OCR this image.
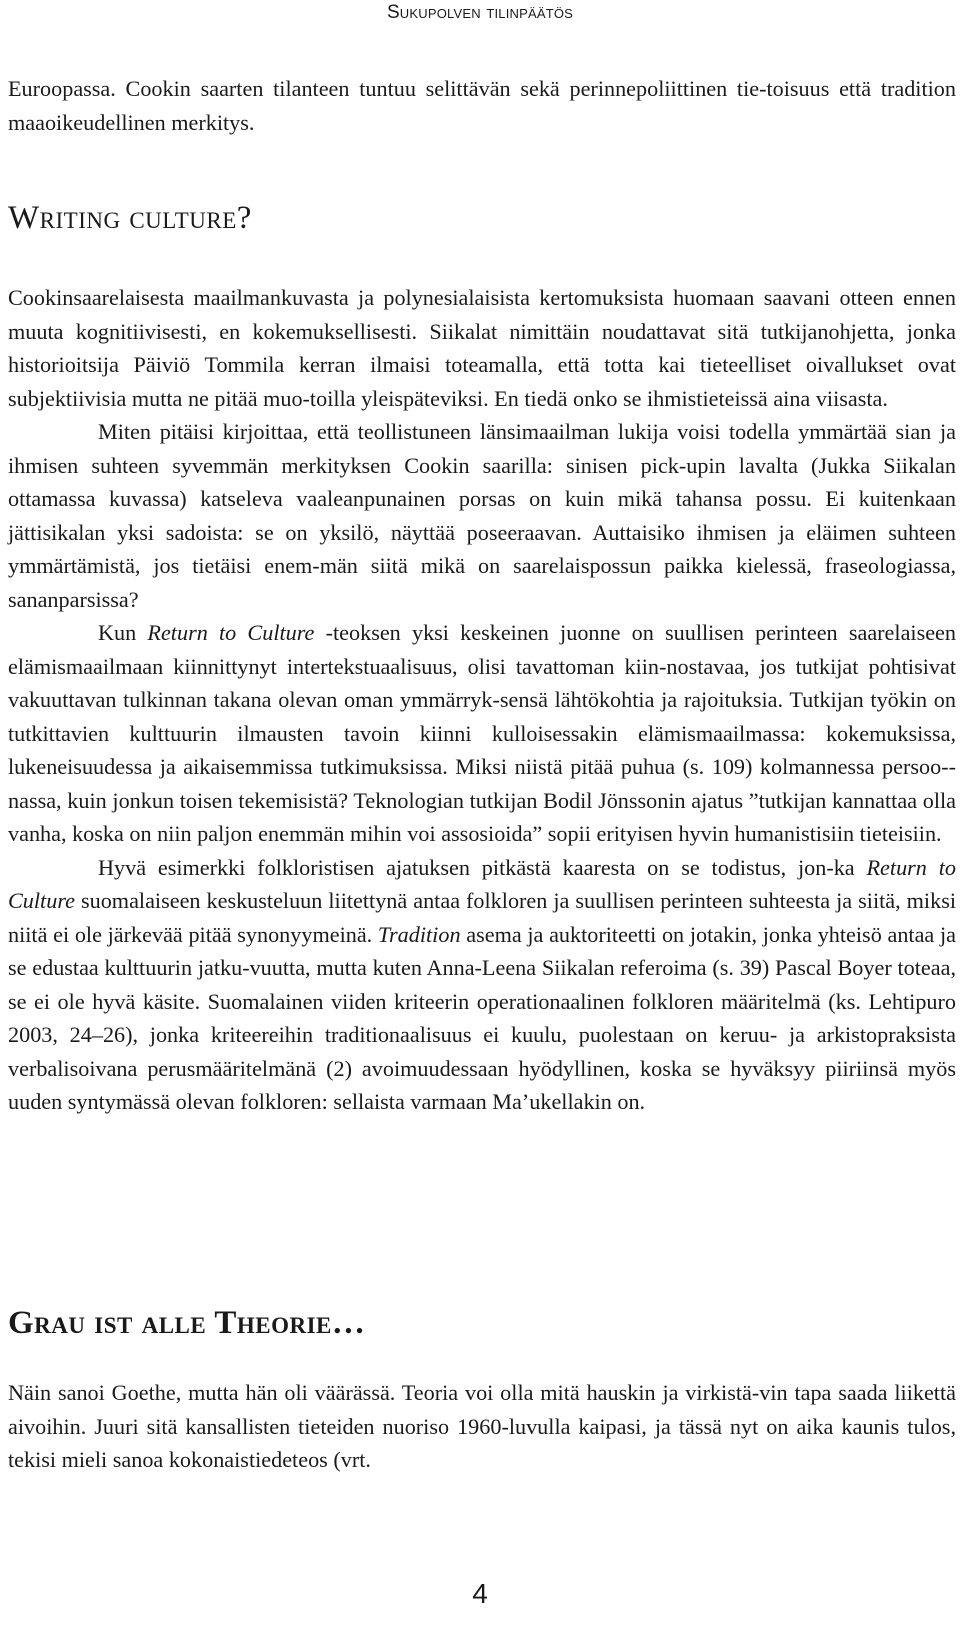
Sukupolven tilinpäätös

Euroopassa. Cookin saarten tilanteen tuntuu selittävän sekä perinnepoliittinen tie-toisuus että tradition maaoikeudellinen merkitys.

Writing culture?

Cookinsaarelaisesta maailmankuvasta ja polynesialaisista kertomuksista huomaan saavani otteen ennen muuta kognitiivisesti, en kokemuksellisesti. Siikalat nimittäin noudattavat sitä tutkijanohjetta, jonka historioitsija Päiviö Tommila kerran ilmaisi toteamalla, että totta kai tieteelliset oivallukset ovat subjektiivisia mutta ne pitää muo-toilla yleispäteviksi. En tiedä onko se ihmistieteissä aina viisasta.

Miten pitäisi kirjoittaa, että teollistuneen länsimaailman lukija voisi todella ymmärtää sian ja ihmisen suhteen syvemmän merkityksen Cookin saarilla: sinisen pick-upin lavalta (Jukka Siikalan ottamassa kuvassa) katseleva vaaleanpunainen porsas on kuin mikä tahansa possu. Ei kuitenkaan jättisikalan yksi sadoista: se on yksilö, näyttää poseeraavan. Auttaisiko ihmisen ja eläimen suhteen ymmärtämistä, jos tietäisi enem-män siitä mikä on saarelaispossun paikka kielessä, fraseologiassa, sananparsissa?

Kun Return to Culture -teoksen yksi keskeinen juonne on suullisen perinteen saarelaiseen elämismaailmaan kiinnittynyt intertekstuaalisuus, olisi tavattoman kiin-nostavaa, jos tutkijat pohtisivat vakuuttavan tulkinnan takana olevan oman ymmärryk-sensä lähtökohtia ja rajoituksia. Tutkijan työkin on tutkittavien kulttuurin ilmausten tavoin kiinni kulloisessakin elämismaailmassa: kokemuksissa, lukeneisuudessa ja aikaisemmissa tutkimuksissa. Miksi niistä pitää puhua (s. 109) kolmannessa persoo-nassa, kuin jonkun toisen tekemisistä? Teknologian tutkijan Bodil Jönssonin ajatus ”tutkijan kannattaa olla vanha, koska on niin paljon enemmän mihin voi assosioida” sopii erityisen hyvin humanistisiin tieteisiin.

Hyvä esimerkki folkloristisen ajatuksen pitkästä kaaresta on se todistus, jon-ka Return to Culture suomalaiseen keskusteluun liitettynä antaa folkloren ja suullisen perinteen suhteesta ja siitä, miksi niitä ei ole järkevää pitää synonyymeinä. Tradition asema ja auktoriteetti on jotakin, jonka yhteisö antaa ja se edustaa kulttuurin jatku-vuutta, mutta kuten Anna-Leena Siikalan referoima (s. 39) Pascal Boyer toteaa, se ei ole hyvä käsite. Suomalainen viiden kriteerin operationaalinen folkloren määritelmä (ks. Lehtipuro 2003, 24–26), jonka kriteereihin traditionaalisuus ei kuulu, puolestaan on keruu- ja arkistopraksista verbalisoivana perusmääritelmänä (2) avoimuudessaan hyödyllinen, koska se hyväksyy piiriinsä myös uuden syntymässä olevan folkloren: sellaista varmaan Ma’ukellakin on.

Grau ist alle Theorie…

Näin sanoi Goethe, mutta hän oli väärässä. Teoria voi olla mitä hauskin ja virkistä-vin tapa saada liikettä aivoihin. Juuri sitä kansallisten tieteiden nuoriso 1960-luvulla kaipasi, ja tässä nyt on aika kaunis tulos, tekisi mieli sanoa kokonaistiedeteos (vrt.

4
